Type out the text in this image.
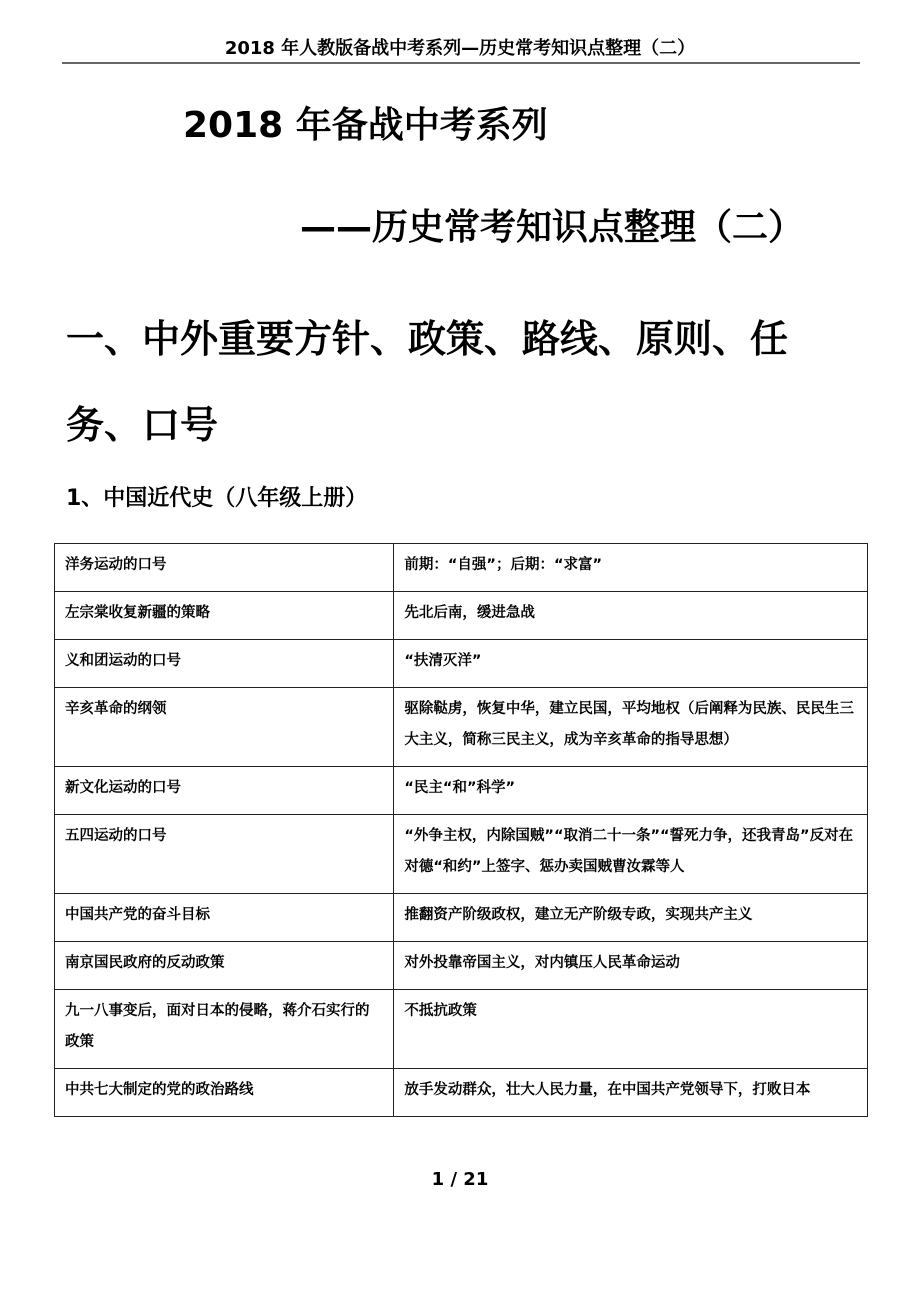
2018 年人教版备战中考系列—历史常考知识点整理（二）
2018 年备战中考系列
——历史常考知识点整理（二）
一、中外重要方针、政策、路线、原则、任务、口号
1、中国近代史（八年级上册）
洋务运动的口号	前期：“自强”；后期：“求富”
左宗棠收复新疆的策略	先北后南，缓进急战
义和团运动的口号	“扶清灭洋”
辛亥革命的纲领	驱除鞑虏，恢复中华，建立民国，平均地权（后阐释为民族、民民生三大主义，简称三民主义，成为辛亥革命的指导思想）
新文化运动的口号	“民主“和”科学”
五四运动的口号	“外争主权，内除国贼”“取消二十一条”“誓死力争，还我青岛”反对在对德“和约”上签字、惩办卖国贼曹汝霖等人
中国共产党的奋斗目标	推翻资产阶级政权，建立无产阶级专政，实现共产主义
南京国民政府的反动政策	对外投靠帝国主义，对内镇压人民革命运动
九一八事变后，面对日本的侵略，蒋介石实行的政策	不抵抗政策
中共七大制定的党的政治路线	放手发动群众，壮大人民力量，在中国共产党领导下，打败日本
1 / 21
